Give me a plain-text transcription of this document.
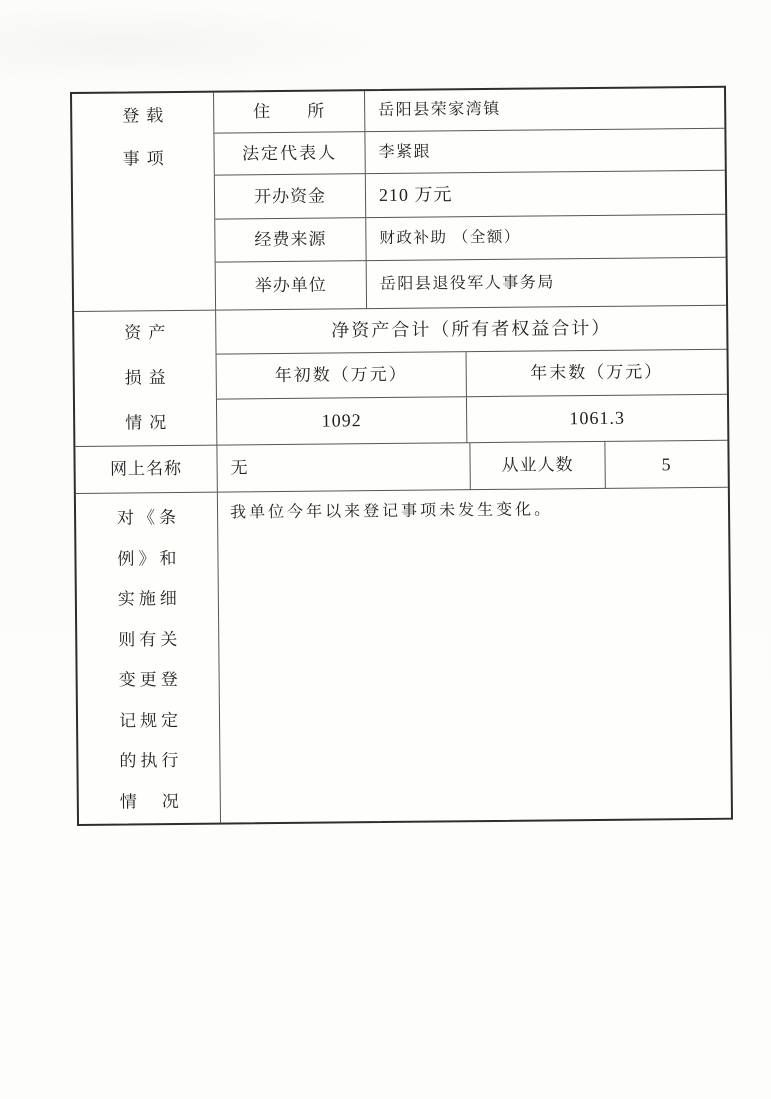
登载
事项
住　　所	岳阳县荣家湾镇
法定代表人	李紧跟
开办资金	210 万元
经费来源	财政补助 （全额）
举办单位	岳阳县退役军人事务局
资产
损益
情况
净资产合计（所有者权益合计）
年初数（万元）	年末数（万元）
1092	1061.3
网上名称	无	从业人数	5
对《条
例》和
实施细
则有关
变更登
记规定
的执行
情　况
我单位今年以来登记事项未发生变化。
